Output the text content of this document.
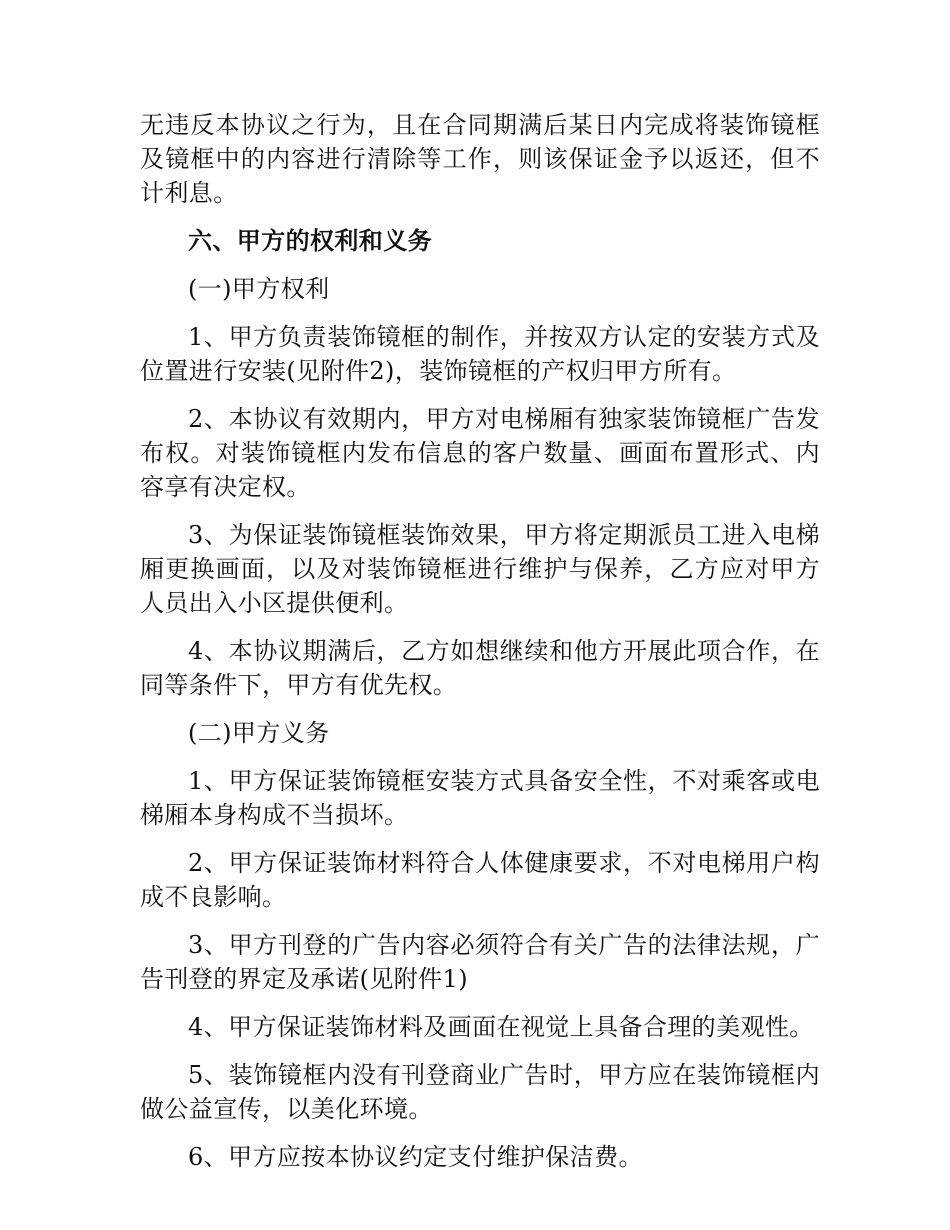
无违反本协议之行为，且在合同期满后某日内完成将装饰镜框及镜框中的内容进行清除等工作，则该保证金予以返还，但不计利息。

六、甲方的权利和义务

(一)甲方权利

1、甲方负责装饰镜框的制作，并按双方认定的安装方式及位置进行安装(见附件2)，装饰镜框的产权归甲方所有。

2、本协议有效期内，甲方对电梯厢有独家装饰镜框广告发布权。对装饰镜框内发布信息的客户数量、画面布置形式、内容享有决定权。

3、为保证装饰镜框装饰效果，甲方将定期派员工进入电梯厢更换画面，以及对装饰镜框进行维护与保养，乙方应对甲方人员出入小区提供便利。

4、本协议期满后，乙方如想继续和他方开展此项合作，在同等条件下，甲方有优先权。

(二)甲方义务

1、甲方保证装饰镜框安装方式具备安全性，不对乘客或电梯厢本身构成不当损坏。

2、甲方保证装饰材料符合人体健康要求，不对电梯用户构成不良影响。

3、甲方刊登的广告内容必须符合有关广告的法律法规，广告刊登的界定及承诺(见附件1)

4、甲方保证装饰材料及画面在视觉上具备合理的美观性。

5、装饰镜框内没有刊登商业广告时，甲方应在装饰镜框内做公益宣传，以美化环境。

6、甲方应按本协议约定支付维护保洁费。
